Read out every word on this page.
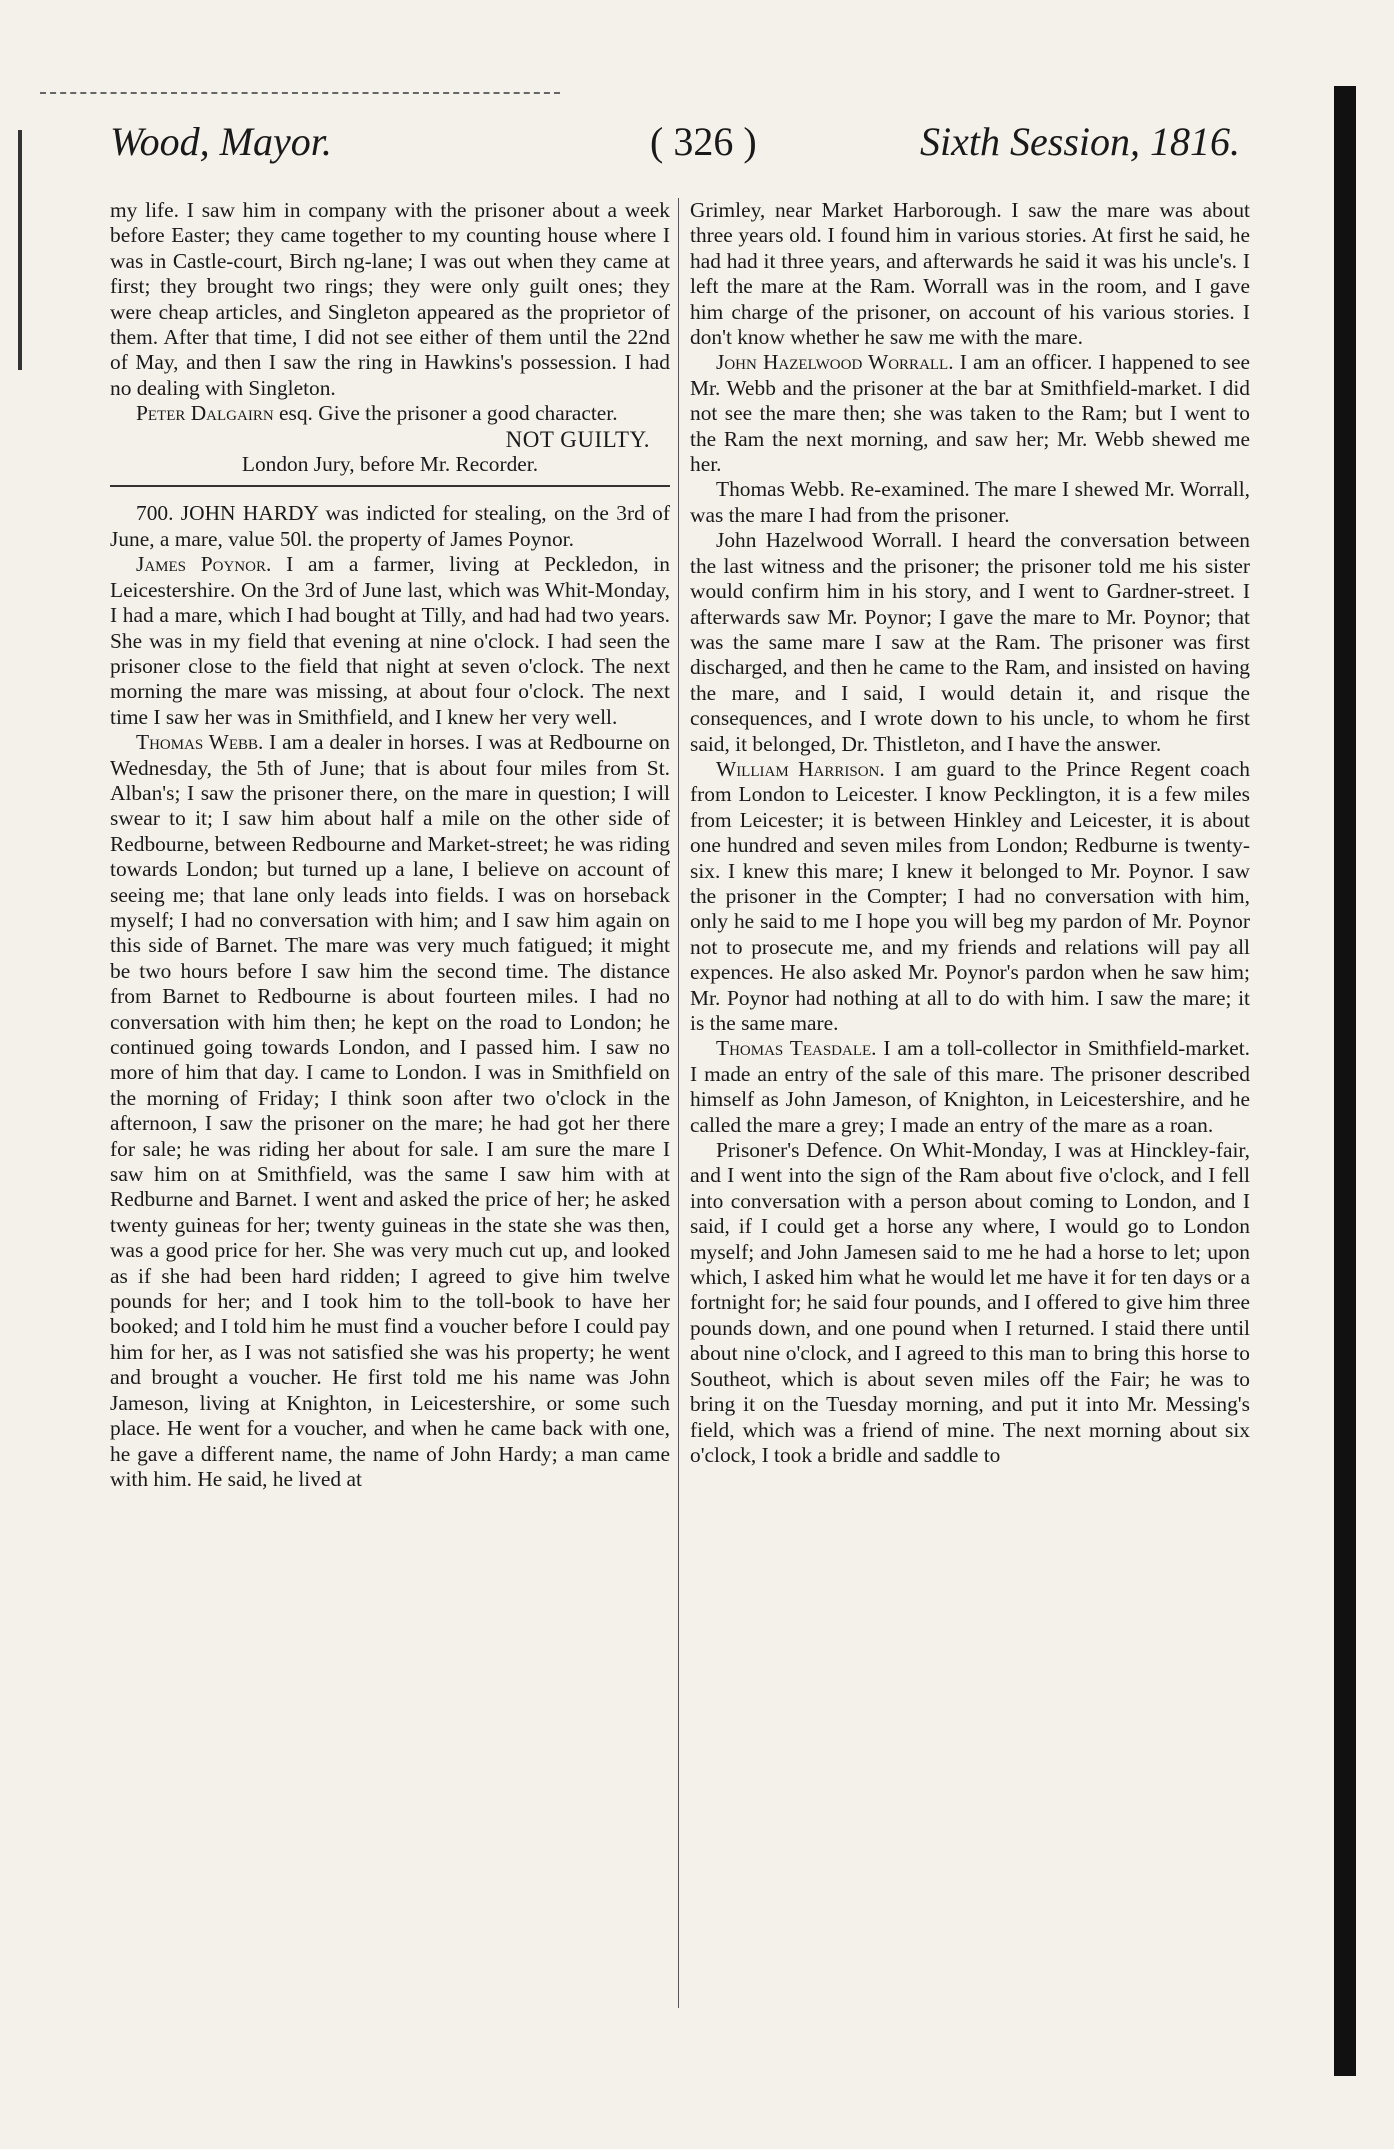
Wood, Mayor.	( 326 )	Sixth Session, 1816.

my life. I saw him in company with the prisoner about a week before Easter; they came together to my counting house where I was in Castle-court, Birch ng-lane; I was out when they came at first; they brought two rings; they were only guilt ones; they were cheap articles, and Singleton appeared as the proprietor of them. After that time, I did not see either of them until the 22nd of May, and then I saw the ring in Hawkins's possession. I had no dealing with Singleton.

Peter Dalgairn esq. Give the prisoner a good character.

NOT GUILTY.

London Jury, before Mr. Recorder.

700. JOHN HARDY was indicted for stealing, on the 3rd of June, a mare, value 50l. the property of James Poynor.

James Poynor. I am a farmer, living at Peckledon, in Leicestershire. On the 3rd of June last, which was Whit-Monday, I had a mare, which I had bought at Tilly, and had had two years. She was in my field that evening at nine o'clock. I had seen the prisoner close to the field that night at seven o'clock. The next morning the mare was missing, at about four o'clock. The next time I saw her was in Smithfield, and I knew her very well.

Thomas Webb. I am a dealer in horses. I was at Redbourne on Wednesday, the 5th of June; that is about four miles from St. Alban's; I saw the prisoner there, on the mare in question; I will swear to it; I saw him about half a mile on the other side of Redbourne, between Redbourne and Market-street; he was riding towards London; but turned up a lane, I believe on account of seeing me; that lane only leads into fields. I was on horseback myself; I had no conversation with him; and I saw him again on this side of Barnet. The mare was very much fatigued; it might be two hours before I saw him the second time. The distance from Barnet to Redbourne is about fourteen miles. I had no conversation with him then; he kept on the road to London; he continued going towards London, and I passed him. I saw no more of him that day. I came to London. I was in Smithfield on the morning of Friday; I think soon after two o'clock in the afternoon, I saw the prisoner on the mare; he had got her there for sale; he was riding her about for sale. I am sure the mare I saw him on at Smithfield, was the same I saw him with at Redburne and Barnet. I went and asked the price of her; he asked twenty guineas for her; twenty guineas in the state she was then, was a good price for her. She was very much cut up, and looked as if she had been hard ridden; I agreed to give him twelve pounds for her; and I took him to the toll-book to have her booked; and I told him he must find a voucher before I could pay him for her, as I was not satisfied she was his property; he went and brought a voucher. He first told me his name was John Jameson, living at Knighton, in Leicestershire, or some such place. He went for a voucher, and when he came back with one, he gave a different name, the name of John Hardy; a man came with him. He said, he lived at

Grimley, near Market Harborough. I saw the mare was about three years old. I found him in various stories. At first he said, he had had it three years, and afterwards he said it was his uncle's. I left the mare at the Ram. Worrall was in the room, and I gave him charge of the prisoner, on account of his various stories. I don't know whether he saw me with the mare.

John Hazelwood Worrall. I am an officer. I happened to see Mr. Webb and the prisoner at the bar at Smithfield-market. I did not see the mare then; she was taken to the Ram; but I went to the Ram the next morning, and saw her; Mr. Webb shewed me her.

Thomas Webb. Re-examined. The mare I shewed Mr. Worrall, was the mare I had from the prisoner.

John Hazelwood Worrall. I heard the conversation between the last witness and the prisoner; the prisoner told me his sister would confirm him in his story, and I went to Gardner-street. I afterwards saw Mr. Poynor; I gave the mare to Mr. Poynor; that was the same mare I saw at the Ram. The prisoner was first discharged, and then he came to the Ram, and insisted on having the mare, and I said, I would detain it, and risque the consequences, and I wrote down to his uncle, to whom he first said, it belonged, Dr. Thistleton, and I have the answer.

William Harrison. I am guard to the Prince Regent coach from London to Leicester. I know Pecklington, it is a few miles from Leicester; it is between Hinkley and Leicester, it is about one hundred and seven miles from London; Redburne is twenty-six. I knew this mare; I knew it belonged to Mr. Poynor. I saw the prisoner in the Compter; I had no conversation with him, only he said to me I hope you will beg my pardon of Mr. Poynor not to prosecute me, and my friends and relations will pay all expences. He also asked Mr. Poynor's pardon when he saw him; Mr. Poynor had nothing at all to do with him. I saw the mare; it is the same mare.

Thomas Teasdale. I am a toll-collector in Smithfield-market. I made an entry of the sale of this mare. The prisoner described himself as John Jameson, of Knighton, in Leicestershire, and he called the mare a grey; I made an entry of the mare as a roan.

Prisoner's Defence. On Whit-Monday, I was at Hinckley-fair, and I went into the sign of the Ram about five o'clock, and I fell into conversation with a person about coming to London, and I said, if I could get a horse any where, I would go to London myself; and John Jamesen said to me he had a horse to let; upon which, I asked him what he would let me have it for ten days or a fortnight for; he said four pounds, and I offered to give him three pounds down, and one pound when I returned. I staid there until about nine o'clock, and I agreed to this man to bring this horse to Southeot, which is about seven miles off the Fair; he was to bring it on the Tuesday morning, and put it into Mr. Messing's field, which was a friend of mine. The next morning about six o'clock, I took a bridle and saddle to
